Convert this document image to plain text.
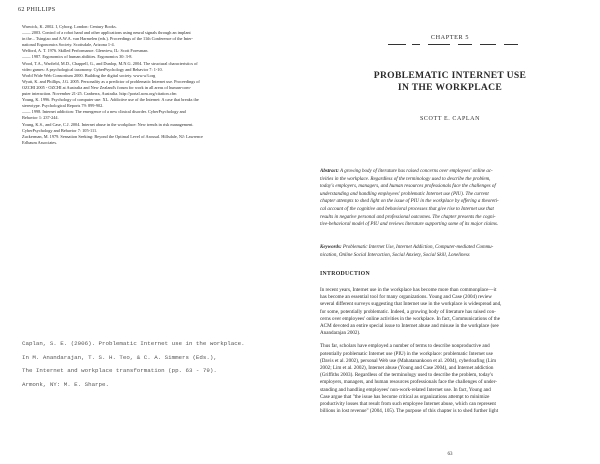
62 PHILLIPS
Warwick, K. 2002. I, Cyborg. London: Century Books.
—— 2003. Control of a robot hand and other applications using neural signals through an implant
in the... Tsingtao and A.W.A. van Harmelen (eds.). Proceedings of the 11th Conference of the Inter-
national Ergonomics Society. Scottsdale, Arizona 1-4.
Welford, A. T. 1976. Skilled Performance. Glenview, IL: Scott Foresman.
—— 1987. Ergonomics of human abilities. Ergonomics 30: 3-8.
Wood, T.A., Warfield, M.D., Chappell, G., and Dunlop, M.N.G. 2004. The structural characteristics of
video games: A psychological taxonomy. CyberPsychology and Behavior 7: 1-10.
World Wide Web Consortium 2000. Building the digital society. www.w3.org
Wyatt, K. and Phillips, J.G. 2005. Personality as a predictor of problematic Internet use. Proceedings of
OZCHI 2005 - OZCHI at Australia and New Zealand's forum for work in all areas of human-com-
puter interaction. November 21-25. Canberra, Australia. http://portal.acm.org/citation.cfm
Young, K. 1996. Psychology of computer use: XL. Addictive use of the Internet: A case that breaks the
stereotype. Psychological Reports 79: 899-902.
—— 1998. Internet addiction: The emergence of a new clinical disorder. CyberPsychology and
Behavior 1: 237-244.
Young, K.S., and Case, C.J. 2004. Internet abuse in the workplace: New trends in risk management.
CyberPsychology and Behavior 7: 105-111.
Zuckerman, M. 1979. Sensation Seeking: Beyond the Optimal Level of Arousal. Hillsdale, NJ: Lawrence
Erlbaum Associates.
Caplan, S. E. (2006). Problematic Internet use in the workplace.
In M. Anandarajan, T. S. H. Teo, & C. A. Simmers (Eds.),
The Internet and workplace transformation (pp. 63 - 79).
Armonk, NY: M. E. Sharpe.
CHAPTER 5
PROBLEMATIC INTERNET USE
IN THE WORKPLACE
SCOTT E. CAPLAN
Abstract: A growing body of literature has raised concerns over employees' online ac-
tivities in the workplace. Regardless of the terminology used to describe the problem,
today's employers, managers, and human resources professionals face the challenges of
understanding and handling employees' problematic Internet use (PIU). The current
chapter attempts to shed light on the issue of PIU in the workplace by offering a theoreti-
cal account of the cognitive and behavioral processes that give rise to Internet use that
results in negative personal and professional outcomes. The chapter presents the cogni-
tive-behavioral model of PIU and reviews literature supporting some of its major claims.
Keywords: Problematic Internet Use, Internet Addiction, Computer-mediated Commu-
nication, Online Social Interaction, Social Anxiety, Social Skill, Loneliness
INTRODUCTION
In recent years, Internet use in the workplace has become more than commonplace—it
has become an essential tool for many organizations. Young and Case (2004) review
several different surveys suggesting that Internet use in the workplace is widespread and,
for some, potentially problematic. Indeed, a growing body of literature has raised con-
cerns over employees' online activities in the workplace. In fact, Communications of the
ACM devoted an entire special issue to Internet abuse and misuse in the workplace (see
Anandarajan 2002).
Thus far, scholars have employed a number of terms to describe nonproductive and
potentially problematic Internet use (PIU) in the workplace: problematic Internet use
(Davis et al. 2002), personal Web use (Mahatanankoon et al. 2004), cyberloafing (Lim
2002; Lim et al. 2002), Internet abuse (Young and Case 2004), and Internet addiction
(Griffiths 2003). Regardless of the terminology used to describe the problem, today's
employers, managers, and human resources professionals face the challenges of under-
standing and handling employees' non-work-related Internet use. In fact, Young and
Case argue that "the issue has become critical as organizations attempt to minimize
productivity losses that result from such employee Internet abuse, which can represent
billions in lost revenue" (2004, 105). The purpose of this chapter is to shed further light
63
